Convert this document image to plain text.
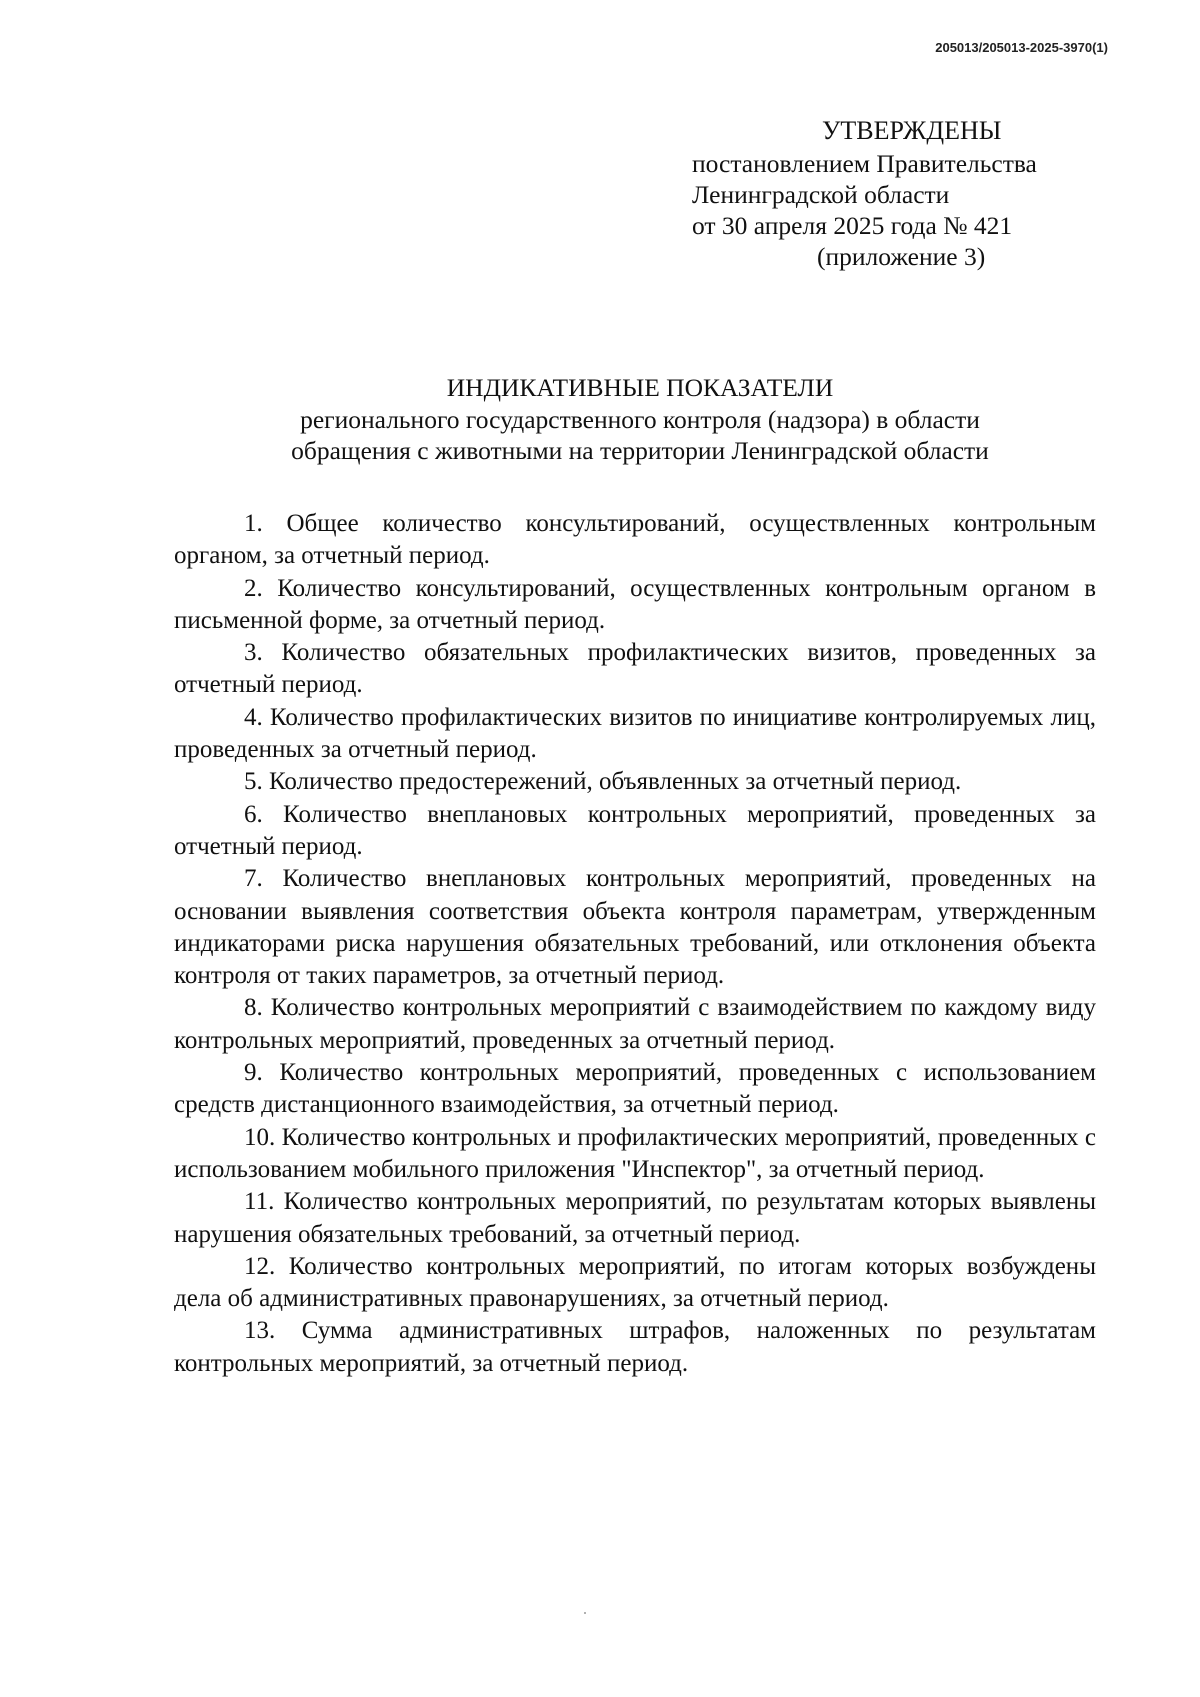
205013/205013-2025-3970(1)
УТВЕРЖДЕНЫ
постановлением Правительства
Ленинградской области
от 30 апреля 2025 года № 421
(приложение 3)
ИНДИКАТИВНЫЕ ПОКАЗАТЕЛИ
регионального государственного контроля (надзора) в области
обращения с животными на территории Ленинградской области

1. Общее количество консультирований, осуществленных контрольным органом, за отчетный период.

2. Количество консультирований, осуществленных контрольным органом в письменной форме, за отчетный период.

3. Количество обязательных профилактических визитов, проведенных за отчетный период.

4. Количество профилактических визитов по инициативе контролируемых лиц, проведенных за отчетный период.

5. Количество предостережений, объявленных за отчетный период.

6. Количество внеплановых контрольных мероприятий, проведенных за отчетный период.

7. Количество внеплановых контрольных мероприятий, проведенных на основании выявления соответствия объекта контроля параметрам, утвержденным индикаторами риска нарушения обязательных требований, или отклонения объекта контроля от таких параметров, за отчетный период.

8. Количество контрольных мероприятий с взаимодействием по каждому виду контрольных мероприятий, проведенных за отчетный период.

9. Количество контрольных мероприятий, проведенных с использованием средств дистанционного взаимодействия, за отчетный период.

10. Количество контрольных и профилактических мероприятий, проведенных с использованием мобильного приложения "Инспектор", за отчетный период.

11. Количество контрольных мероприятий, по результатам которых выявлены нарушения обязательных требований, за отчетный период.

12. Количество контрольных мероприятий, по итогам которых возбуждены дела об административных правонарушениях, за отчетный период.

13. Сумма административных штрафов, наложенных по результатам контрольных мероприятий, за отчетный период.
